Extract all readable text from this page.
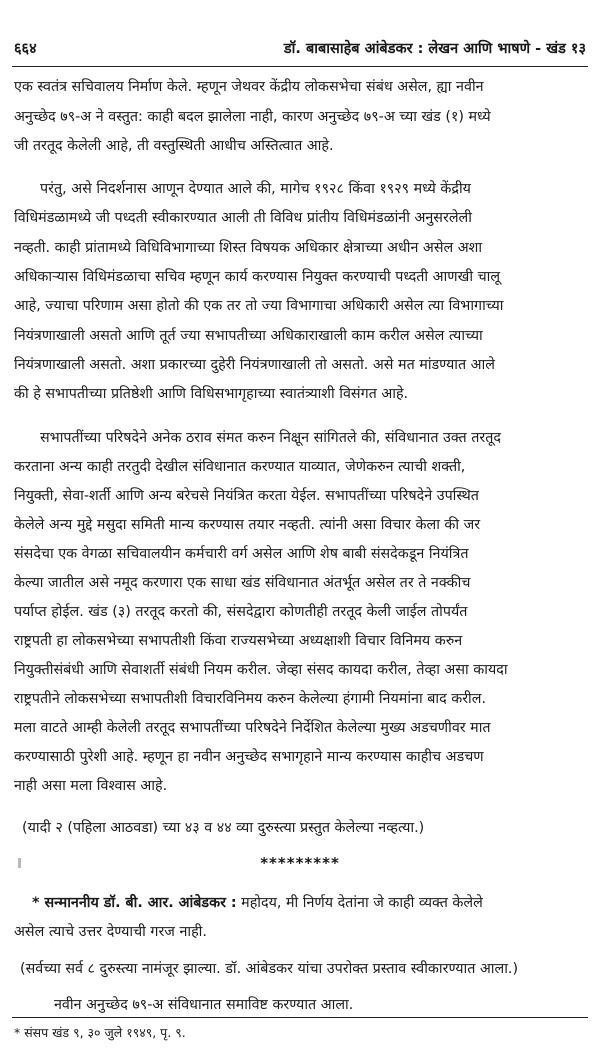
६६४	डॉ. बाबासाहेब आंबेडकर : लेखन आणि भाषणे - खंड १३
एक स्वतंत्र सचिवालय निर्माण केले. म्हणून जेथवर केंद्रीय लोकसभेचा संबंध असेल, ह्या नवीन
अनुच्छेद ७९-अ ने वस्तुत: काही बदल झालेला नाही, कारण अनुच्छेद ७९-अ च्या खंड (१) मध्ये
जी तरतूद केलेली आहे, ती वस्तुस्थिती आधीच अस्तित्वात आहे.
परंतु, असे निदर्शनास आणून देण्यात आले की, मागेच १९२८ किंवा १९२९ मध्ये केंद्रीय
विधिमंडळामध्ये जी पध्दती स्वीकारण्यात आली ती विविध प्रांतीय विधिमंडळांनी अनुसरलेली
नव्हती. काही प्रांतामध्ये विधिविभागाच्या शिस्त विषयक अधिकार क्षेत्राच्या अधीन असेल अशा
अधिकाऱ्यास विधिमंडळाचा सचिव म्हणून कार्य करण्यास नियुक्त करण्याची पध्दती आणखी चालू
आहे, ज्याचा परिणाम असा होतो की एक तर तो ज्या विभागाचा अधिकारी असेल त्या विभागाच्या
नियंत्रणाखाली असतो आणि तूर्त ज्या सभापतीच्या अधिकाराखाली काम करील असेल त्याच्या
नियंत्रणाखाली असतो. अशा प्रकारच्या दुहेरी नियंत्रणाखाली तो असतो. असे मत मांडण्यात आले
की हे सभापतीच्या प्रतिष्ठेशी आणि विधिसभागृहाच्या स्वातंत्र्याशी विसंगत आहे.
सभापतींच्या परिषदेने अनेक ठराव संमत करुन निक्षून सांगितले की, संविधानात उक्त तरतूद
करताना अन्य काही तरतुदी देखील संविधानात करण्यात याव्यात, जेणेकरुन त्याची शक्ती,
नियुक्ती, सेवा-शर्ती आणि अन्य बरेचसे नियंत्रित करता येईल. सभापतींच्या परिषदेने उपस्थित
केलेले अन्य मुद्दे मसुदा समिती मान्य करण्यास तयार नव्हती. त्यांनी असा विचार केला की जर
संसदेचा एक वेगळा सचिवालयीन कर्मचारी वर्ग असेल आणि शेष बाबी संसदेकडून नियंत्रित
केल्या जातील असे नमूद करणारा एक साधा खंड संविधानात अंतर्भूत असेल तर ते नक्कीच
पर्याप्त होईल. खंड (३) तरतूद करतो की, संसदेद्वारा कोणतीही तरतूद केली जाईल तोपर्यंत
राष्ट्रपती हा लोकसभेच्या सभापतीशी किंवा राज्यसभेच्या अध्यक्षाशी विचार विनिमय करुन
नियुक्तीसंबंधी आणि सेवाशर्ती संबंधी नियम करील. जेव्हा संसद कायदा करील, तेव्हा असा कायदा
राष्ट्रपतीने लोकसभेच्या सभापतीशी विचारविनिमय करुन केलेल्या हंगामी नियमांना बाद करील.
मला वाटते आम्ही केलेली तरतूद सभापतींच्या परिषदेने निर्देशित केलेल्या मुख्य अडचणीवर मात
करण्यासाठी पुरेशी आहे. म्हणून हा नवीन अनुच्छेद सभागृहाने मान्य करण्यास काहीच अडचण
नाही असा मला विश्वास आहे.
(यादी २ (पहिला आठवडा) च्या ४३ व ४४ व्या दुरुस्त्या प्रस्तुत केलेल्या नव्हत्या.)
*********
* सन्माननीय डॉ. बी. आर. आंबेडकर : महोदय, मी निर्णय देतांना जे काही व्यक्त केलेले
असेल त्याचे उत्तर देण्याची गरज नाही.
(सर्वच्या सर्व ८ दुरुस्त्या नामंजूर झाल्या. डॉ. आंबेडकर यांचा उपरोक्त प्रस्ताव स्वीकारण्यात आला.)
नवीन अनुच्छेद ७९-अ संविधानात समाविष्ट करण्यात आला.
* संसप खंड ९, ३० जुले १९४९, पृ. ९.
